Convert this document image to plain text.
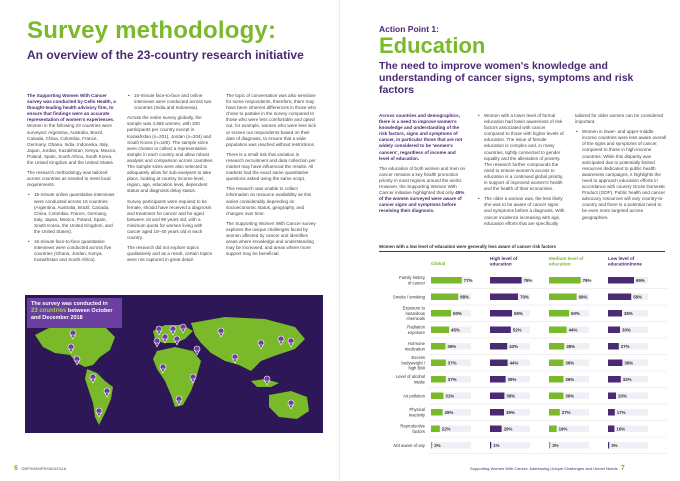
Survey methodology:
An overview of the 23-country research initiative

The Supporting Women With Cancer survey was conducted by Cello Health, a thought-leading health advisory firm, to ensure that findings were an accurate representation of women's experiences. Women in the following 23 countries were surveyed: Argentina, Australia, Brazil, Canada, China, Colombia, France, Germany, Ghana, India, Indonesia, Italy, Japan, Jordan, Kazakhstan, Kenya, Mexico, Poland, Spain, South Africa, South Korea, the United Kingdom and the United States.

The research methodology was tailored across countries as needed to meet local requirements.

• 15-minute online quantitative interviews were conducted across 16 countries (Argentina, Australia, Brazil, Canada, China, Colombia, France, Germany, Italy, Japan, Mexico, Poland, Spain, South Korea, the United Kingdom, and the United States).
• 15-minute face-to-face quantitative interviews were conducted across five countries (Ghana, Jordan, Kenya, Kazakhstan and South Africa).
• 15-minute face-to-face and online interviews were conducted across two countries (India and Indonesia).

Across the entire survey globally, the sample was 4,585 women, with 200 participants per country except in Kazakhstan (n=201), Jordan (n=204) and South Korea (n=180). The sample sizes were chosen to collect a representative sample in each country and allow robust analysis and comparison across countries. The sample sizes were also selected to adequately allow for sub-analyses to take place, looking at country income level, region, age, education level, dependent status and diagnosis delay status.

Survey participants were required to be female, should have received a diagnosis and treatment for cancer and be aged between 18 and 99 years old, with a minimum quota for women living with cancer aged 18–40 years old in each country.

The research did not explore topics qualitatively and as a result, certain topics were not captured in great detail.

The topic of conversation was also sensitive for some respondents, therefore, there may have been inherent differences in those who chose to partake in the survey compared to those who were less comfortable and opted out, for example, women who were less sick or screen out respondents based on their date of diagnosis, to ensure that a wide population was reached without restrictions.

There is a small risk that variation in research recruitment and data collection per market may have influenced the results. All markets had the exact same quantitative questions asked using the same script.

This research was unable to collect information on resource availability as this varies considerably depending on socioeconomic status, geography, and changes over time.

The Supporting Women With Cancer survey explores the unique challenges faced by women affected by cancer and identifies areas where knowledge and understanding may be increased, and areas where more support may be beneficial.

The survey was conducted in
23 countries between October and December 2018
6 GBPSIM/NPR/0619/0118
Action Point 1:
Education
The need to improve women's knowledge and understanding of cancer signs, symptoms and risk factors

Across countries and demographics, there is a need to improve women's knowledge and understanding of the risk factors, signs and symptoms of cancer, in particular those that are not widely considered to be 'women's cancers', regardless of income and level of education.

The education of both women and men on cancer remains a key health promotion priority in most regions around the world. However, the Supporting Women With Cancer initiative highlighted that only 45% of the women surveyed were aware of cancer signs and symptoms before receiving their diagnosis.

• Women with a lower level of formal education had lower awareness of risk factors associated with cancer compared to those with higher levels of education. The issue of female education is complex and, in many countries, tightly connected to gender equality and the alleviation of poverty. The research further compounds the need to ensure women's access to education is a continued global priority, in support of improved women's health and the health of their economies.
• The older a woman was, the less likely she was to be aware of cancer signs and symptoms before a diagnosis. With cancer incidence increasing with age, education efforts that are specifically

tailored for older women can be considered important.

• Women in lower- and upper-middle income countries were less aware overall of the signs and symptoms of cancer, compared to those in high-income countries. While this disparity was anticipated due to potentially limited resources dedicated to public health awareness campaigns, it highlights the need to approach education efforts in accordance with country Gross Domestic Product (GDP). Public health and cancer advocacy resources will vary country-to-country and there is a potential need to be even more targeted across geographies.
Women with a low level of education were generally less aware of cancer risk factors
Global
High level of
education
Medium level of
education
Low level of
education/none
Family history
of cancer	77%	79%	79%	65%
Smoke / smoking	68%	70%	69%	58%
Exposure to
hazardous
chemicals
50%	55%	50%	35%
Radiation
exposure	45%	52%	44%	30%
Hormone
medication	36%	43%	38%	27%
Excess
bodyweight /
high BMI
37%	44%	36%	36%
Level of alcohol
intake	37%	39%	36%	32%
Air pollution	31%	36%	36%	20%
Physical
inactivity	29%	35%	27%	17%
Reproductive
factors	22%	29%	19%	16%
Not aware of any 2%	1%	3%	3%
Supporting Women With Cancer: Addressing Unique Challenges and Unmet Needs 7
